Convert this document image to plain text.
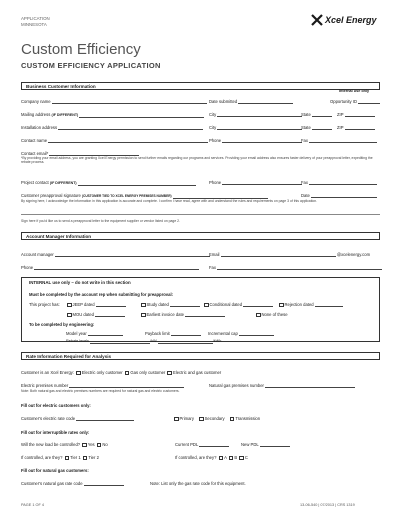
APPLICATION
MINNESOTA	Xcel Energy
Custom Efficiency
CUSTOM EFFICIENCY APPLICATION
Business Customer Information
Internal use only
Company name	Date submitted	Opportunity ID
Mailing address (IF DIFFERENT)	City	State	ZIP
Installation address	City	State	ZIP
Contact name	Phone	Fax
Contact email*
*By providing your email address, you are granting Xcel Energy permission to send further emails regarding our programs and services. Providing your email address also ensures faster delivery of your preapproval letter, expediting the rebate process.
Project contact (IF DIFFERENT)	Phone	Fax
Customer preapproval signature (CUSTOMER TIED TO XCEL ENERGY PREMISES NUMBER)	Date
By signing here, I acknowledge the information in this application is accurate and complete. I confirm I have read, agree with and understand the rules and requirements on page 3 of this application.
Sign here if you'd like us to send a preapproval letter to the equipment supplier or vendor listed on page 2.
Account Manager Information
Account manager	Email	@xcelenergy.com
Phone	Fax
INTERNAL use only – do not write in this section
Must be completed by the account rep when submitting for preapproval:
This project has:	JEEP dated	Study dated	Conditional dated	Rejection dated
MOU dated	Earliest invoice date	None of these
To be completed by engineering:
Model year	Payback limit	Incremental cap
Rebate levels	/kW	/kWh
Rate Information Required for Analysis
Customer is an Xcel Energy: Electric only customer Gas only customer Electric and gas customer
Electric premises number	Natural gas premises number
Note: Both natural gas and electric premises numbers are required for natural gas and electric customers.
Fill out for electric customers only:
Customer's electric rate code	Primary	Secondary	Transmission
Fill out for interruptible rates only:
Will the new load be controlled? Yes No	Current PDL	New PDL
If controlled, are they? Tier 1 Tier 2	If controlled, are they? A B C
Fill out for natural gas customers:
Customer's natural gas rate code	Note: List only the gas rate code for this equipment.
PAGE 1 OF 4	13-06-540 | 07/2013 | CRS 1319
